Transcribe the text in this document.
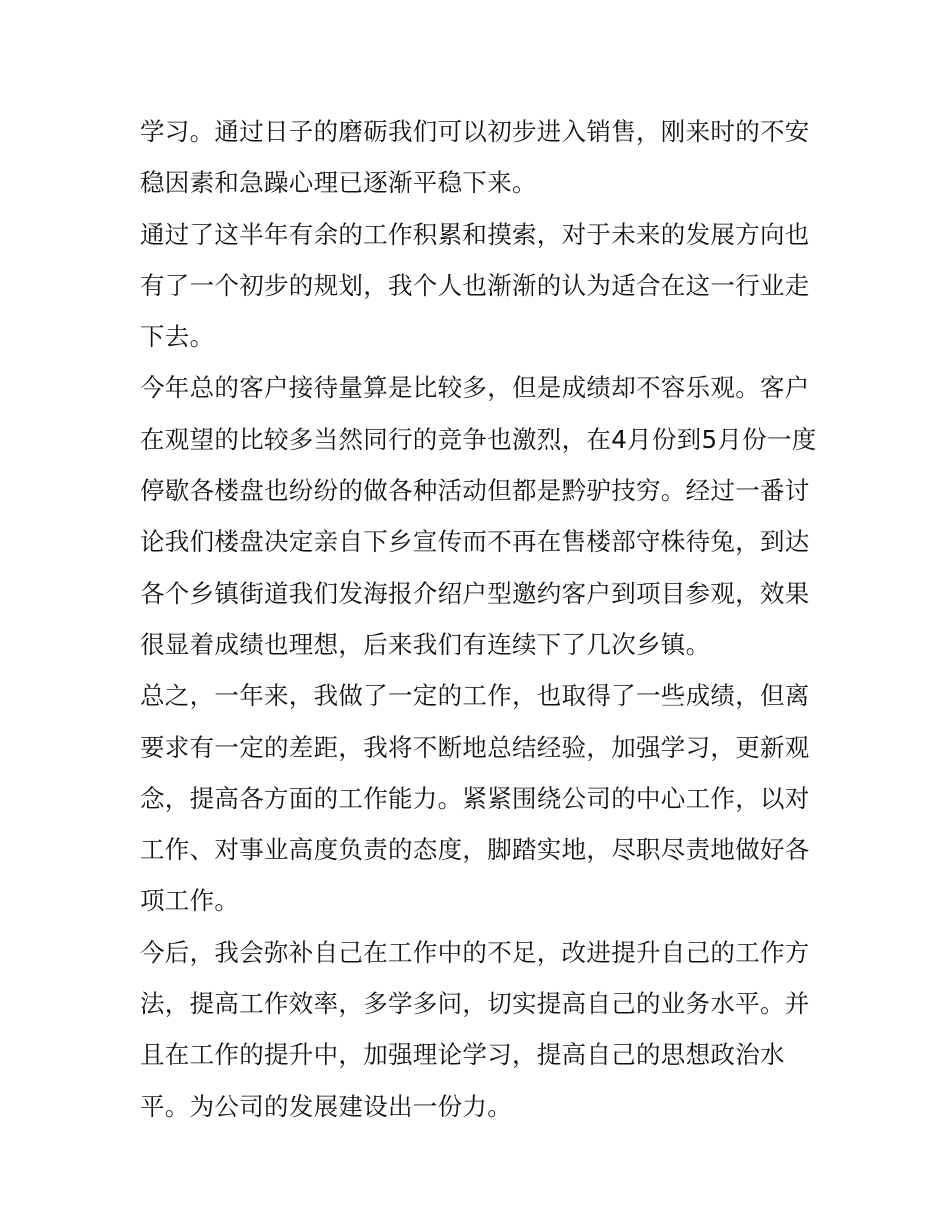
学习。通过日子的磨砺我们可以初步进入销售，刚来时的不安稳因素和急躁心理已逐渐平稳下来。

通过了这半年有余的工作积累和摸索，对于未来的发展方向也有了一个初步的规划，我个人也渐渐的认为适合在这一行业走下去。

今年总的客户接待量算是比较多，但是成绩却不容乐观。客户在观望的比较多当然同行的竞争也激烈，在4月份到5月份一度停歇各楼盘也纷纷的做各种活动但都是黔驴技穷。经过一番讨论我们楼盘决定亲自下乡宣传而不再在售楼部守株待兔，到达各个乡镇街道我们发海报介绍户型邀约客户到项目参观，效果很显着成绩也理想，后来我们有连续下了几次乡镇。

总之，一年来，我做了一定的工作，也取得了一些成绩，但离要求有一定的差距，我将不断地总结经验，加强学习，更新观念，提高各方面的工作能力。紧紧围绕公司的中心工作，以对工作、对事业高度负责的态度，脚踏实地，尽职尽责地做好各项工作。

今后，我会弥补自己在工作中的不足，改进提升自己的工作方法，提高工作效率，多学多问，切实提高自己的业务水平。并且在工作的提升中，加强理论学习，提高自己的思想政治水平。为公司的发展建设出一份力。
